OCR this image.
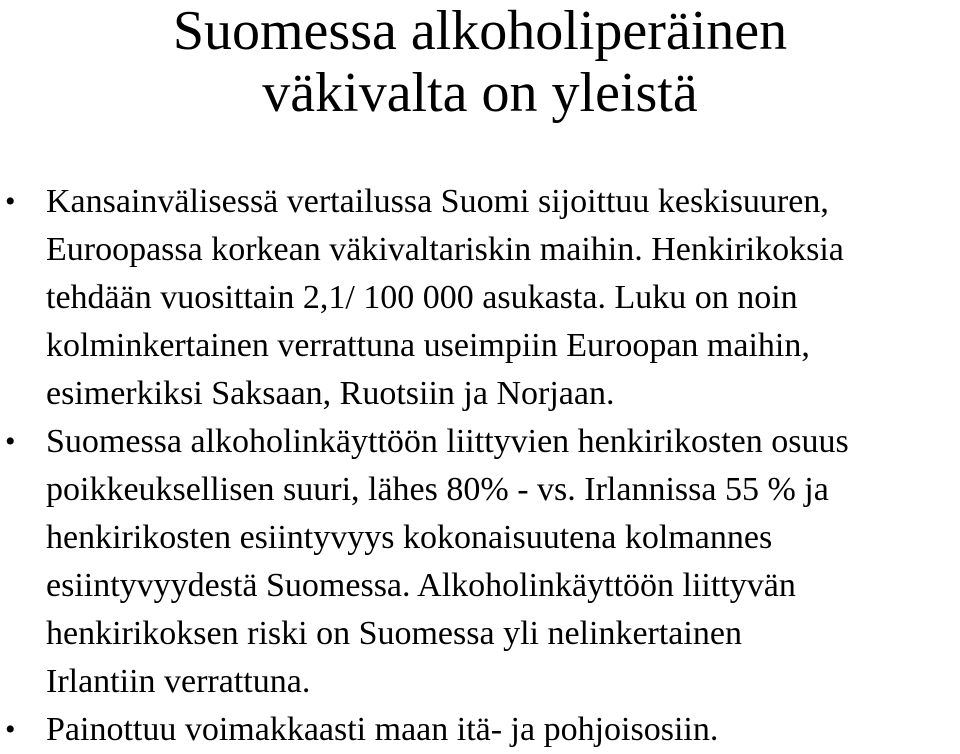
Suomessa alkoholiperäinen
väkivalta on yleistä
• Kansainvälisessä vertailussa Suomi sijoittuu keskisuuren,
Euroopassa korkean väkivaltariskin maihin. Henkirikoksia
tehdään vuosittain 2,1/ 100 000 asukasta. Luku on noin
kolminkertainen verrattuna useimpiin Euroopan maihin,
esimerkiksi Saksaan, Ruotsiin ja Norjaan.
• Suomessa alkoholinkäyttöön liittyvien henkirikosten osuus
poikkeuksellisen suuri, lähes 80% - vs. Irlannissa 55 % ja
henkirikosten esiintyvyys kokonaisuutena kolmannes
esiintyvyydestä Suomessa. Alkoholinkäyttöön liittyvän
henkirikoksen riski on Suomessa yli nelinkertainen
Irlantiin verrattuna.
• Painottuu voimakkaasti maan itä- ja pohjoisosiin.
